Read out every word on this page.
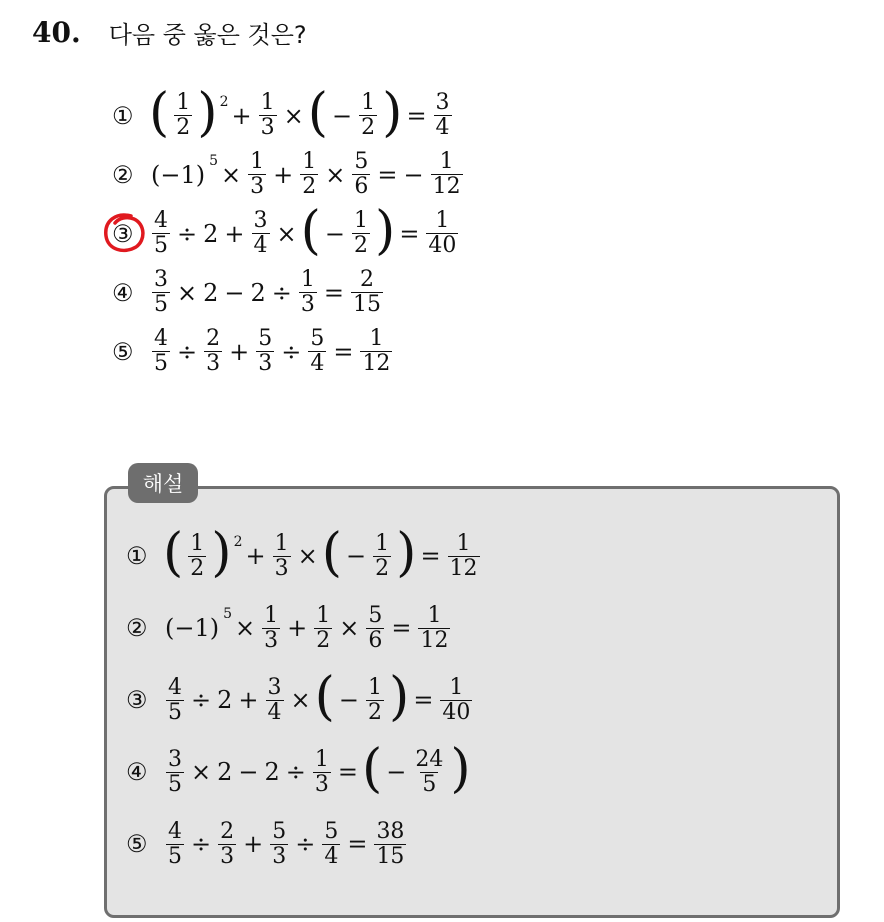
40. 다음 중 옳은 것은?
① ( 1
2 ) $2 + \frac{1}{3}$ × ( − $\frac{1}{2}$ ) = $\frac{3}{4}$
② (−1) $5 \times \frac{1}{3} + \frac{1}{2} \times \frac{5}{6}$ = − $\frac{1}{12}$
③ $\frac{4}{5} \div 2 + \frac{3}{4}$ × ( − $\frac{1}{2}$ ) = $\frac{1}{40}$
④ $\frac{3}{5} \times 2 - 2 \div \frac{1}{3} = \frac{2}{15}$
⑤ $\frac{4}{5} \div \frac{2}{3} + \frac{5}{3} \div \frac{5}{4} = \frac{1}{12}$
해설
① ( 1
2 ) $2 + \frac{1}{3}$ × ( − $\frac{1}{2}$ ) = $\frac{1}{12}$
② (−1) $5 \times \frac{1}{3} + \frac{1}{2} \times \frac{5}{6} = \frac{1}{12}$
③ $\frac{4}{5} \div 2 + \frac{3}{4}$ × ( − $\frac{1}{2}$ ) = $\frac{1}{40}$
④ $\frac{3}{5} \times 2 - 2 \div \frac{1}{3}$ = ( − $\frac{24}{5}$ )
⑤ $\frac{4}{5} \div \frac{2}{3} + \frac{5}{3} \div \frac{5}{4} = \frac{38}{15}$
